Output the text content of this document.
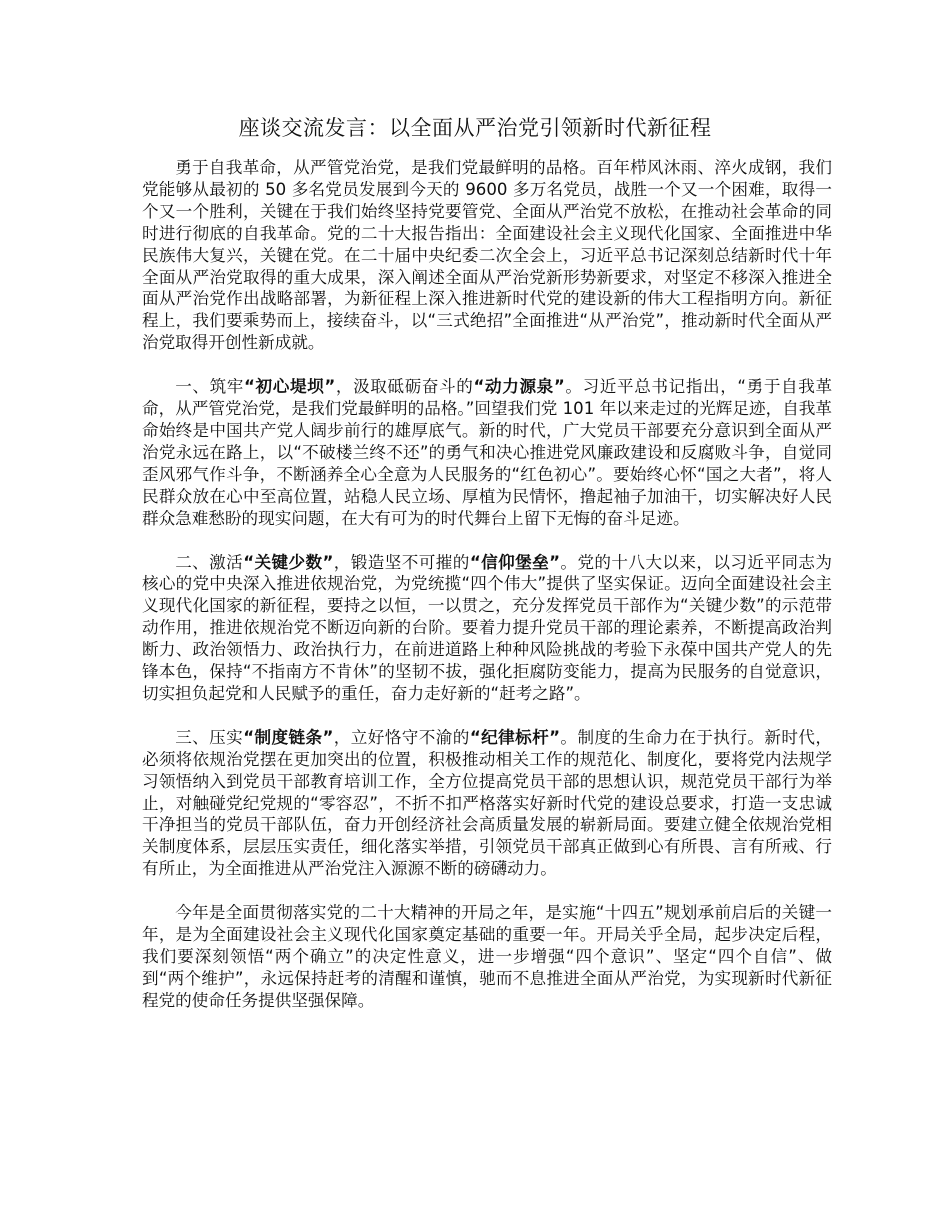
座谈交流发言：以全面从严治党引领新时代新征程

勇于自我革命，从严管党治党，是我们党最鲜明的品格。百年栉风沐雨、淬火成钢，我们党能够从最初的 50 多名党员发展到今天的 9600 多万名党员，战胜一个又一个困难，取得一个又一个胜利，关键在于我们始终坚持党要管党、全面从严治党不放松，在推动社会革命的同时进行彻底的自我革命。党的二十大报告指出：全面建设社会主义现代化国家、全面推进中华民族伟大复兴，关键在党。在二十届中央纪委二次全会上，习近平总书记深刻总结新时代十年全面从严治党取得的重大成果，深入阐述全面从严治党新形势新要求，对坚定不移深入推进全面从严治党作出战略部署，为新征程上深入推进新时代党的建设新的伟大工程指明方向。新征程上，我们要乘势而上，接续奋斗，以“三式绝招”全面推进“从严治党”，推动新时代全面从严治党取得开创性新成就。

一、筑牢“初心堤坝”，汲取砥砺奋斗的“动力源泉”。习近平总书记指出，“勇于自我革命，从严管党治党，是我们党最鲜明的品格。”回望我们党 101 年以来走过的光辉足迹，自我革命始终是中国共产党人阔步前行的雄厚底气。新的时代，广大党员干部要充分意识到全面从严治党永远在路上，以“不破楼兰终不还”的勇气和决心推进党风廉政建设和反腐败斗争，自觉同歪风邪气作斗争，不断涵养全心全意为人民服务的“红色初心”。要始终心怀“国之大者”，将人民群众放在心中至高位置，站稳人民立场、厚植为民情怀，撸起袖子加油干，切实解决好人民群众急难愁盼的现实问题，在大有可为的时代舞台上留下无悔的奋斗足迹。

二、激活“关键少数”，锻造坚不可摧的“信仰堡垒”。党的十八大以来，以习近平同志为核心的党中央深入推进依规治党，为党统揽“四个伟大”提供了坚实保证。迈向全面建设社会主义现代化国家的新征程，要持之以恒，一以贯之，充分发挥党员干部作为“关键少数”的示范带动作用，推进依规治党不断迈向新的台阶。要着力提升党员干部的理论素养，不断提高政治判断力、政治领悟力、政治执行力，在前进道路上种种风险挑战的考验下永葆中国共产党人的先锋本色，保持“不指南方不肯休”的坚韧不拔，强化拒腐防变能力，提高为民服务的自觉意识，切实担负起党和人民赋予的重任，奋力走好新的“赶考之路”。

三、压实“制度链条”，立好恪守不渝的“纪律标杆”。制度的生命力在于执行。新时代，必须将依规治党摆在更加突出的位置，积极推动相关工作的规范化、制度化，要将党内法规学习领悟纳入到党员干部教育培训工作，全方位提高党员干部的思想认识，规范党员干部行为举止，对触碰党纪党规的“零容忍”，不折不扣严格落实好新时代党的建设总要求，打造一支忠诚干净担当的党员干部队伍，奋力开创经济社会高质量发展的崭新局面。要建立健全依规治党相关制度体系，层层压实责任，细化落实举措，引领党员干部真正做到心有所畏、言有所戒、行有所止，为全面推进从严治党注入源源不断的磅礴动力。

今年是全面贯彻落实党的二十大精神的开局之年，是实施“十四五”规划承前启后的关键一年，是为全面建设社会主义现代化国家奠定基础的重要一年。开局关乎全局，起步决定后程，我们要深刻领悟“两个确立”的决定性意义，进一步增强“四个意识”、坚定“四个自信”、做到“两个维护”，永远保持赶考的清醒和谨慎，驰而不息推进全面从严治党，为实现新时代新征程党的使命任务提供坚强保障。
